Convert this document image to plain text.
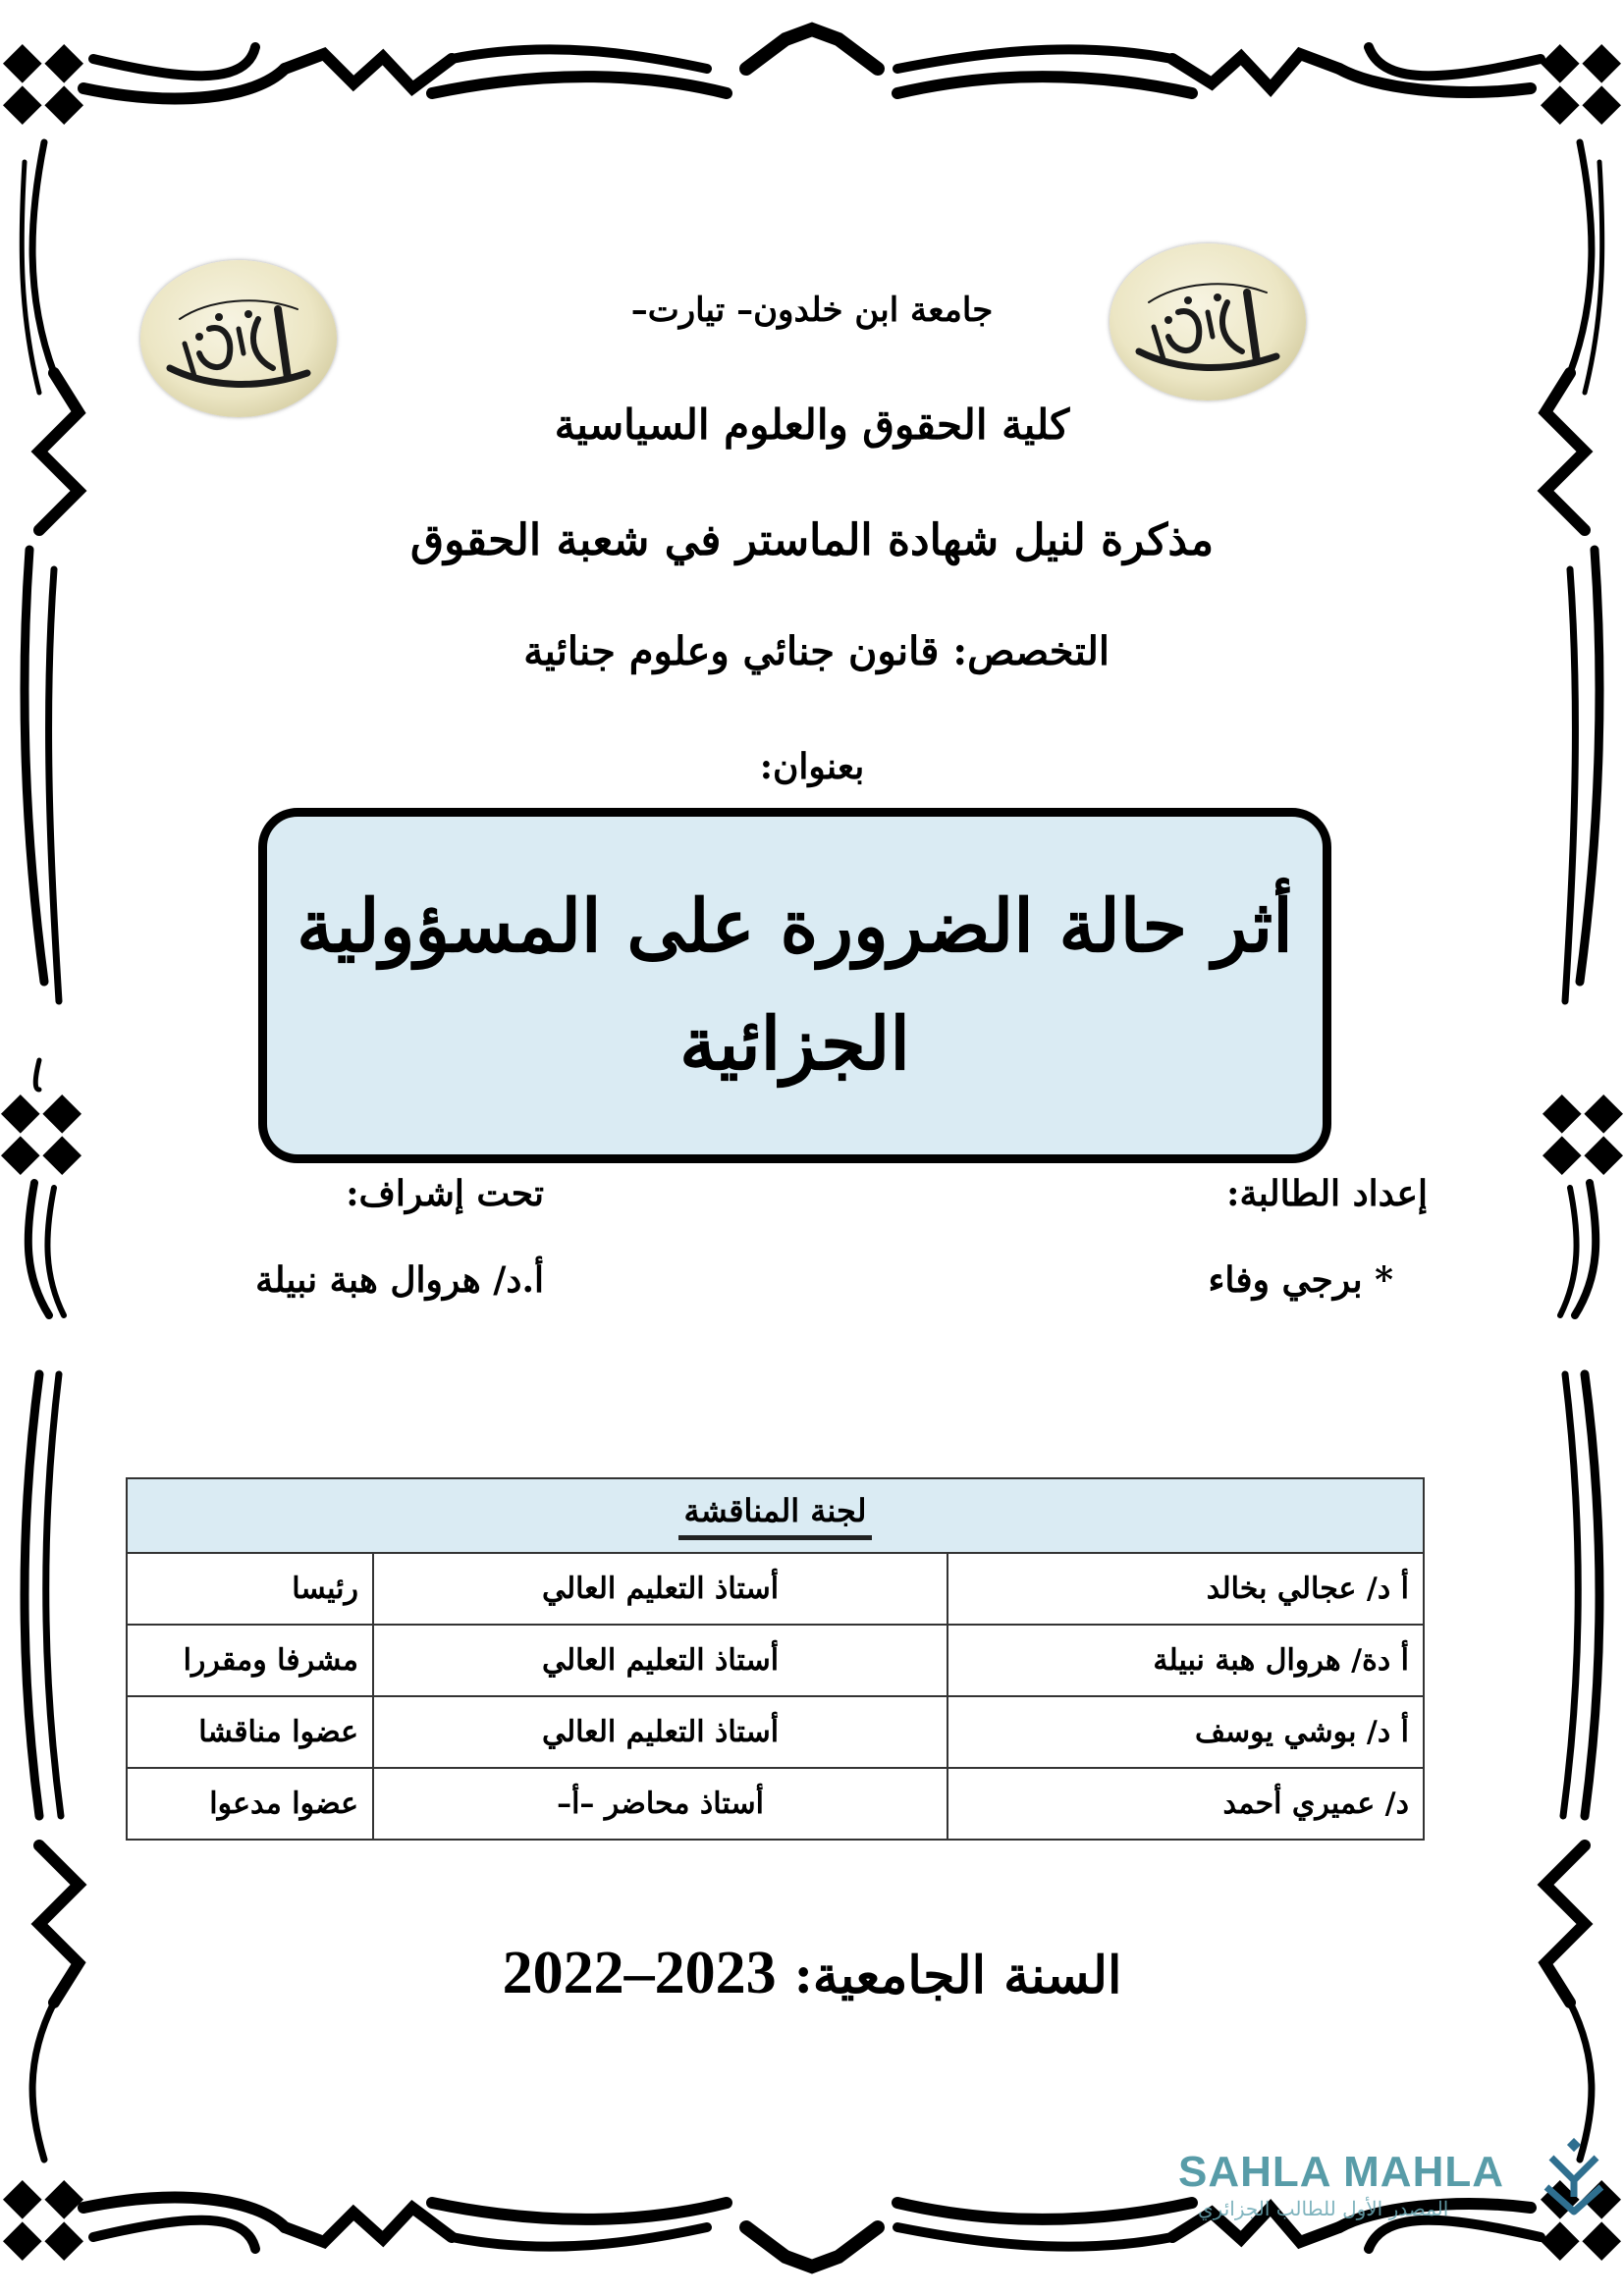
جامعة ابن خلدون– تيارت–
كلية الحقوق والعلوم السياسية
مذكرة لنيل شهادة الماستر في شعبة الحقوق
التخصص: قانون جنائي وعلوم جنائية
بعنوان:
أثر حالة الضرورة على المسؤولية
الجزائية
إعداد الطالبة:
تحت إشراف:
* برجي وفاء
أ.د/ هروال هبة نبيلة
لجنة المناقشة		
أ د/ عجالي بخالد	أستاذ التعليم العالي	رئيسا
أ دة/ هروال هبة نبيلة	أستاذ التعليم العالي	مشرفا ومقررا
أ د/ بوشي يوسف	أستاذ التعليم العالي	عضوا مناقشا
د/ عميري أحمد	أستاذ محاضر –أ–	عضوا مدعوا
السنة الجامعية: 2022–2023
SAHLA MAHLA
المصدر الأول للطالب الجزائري
